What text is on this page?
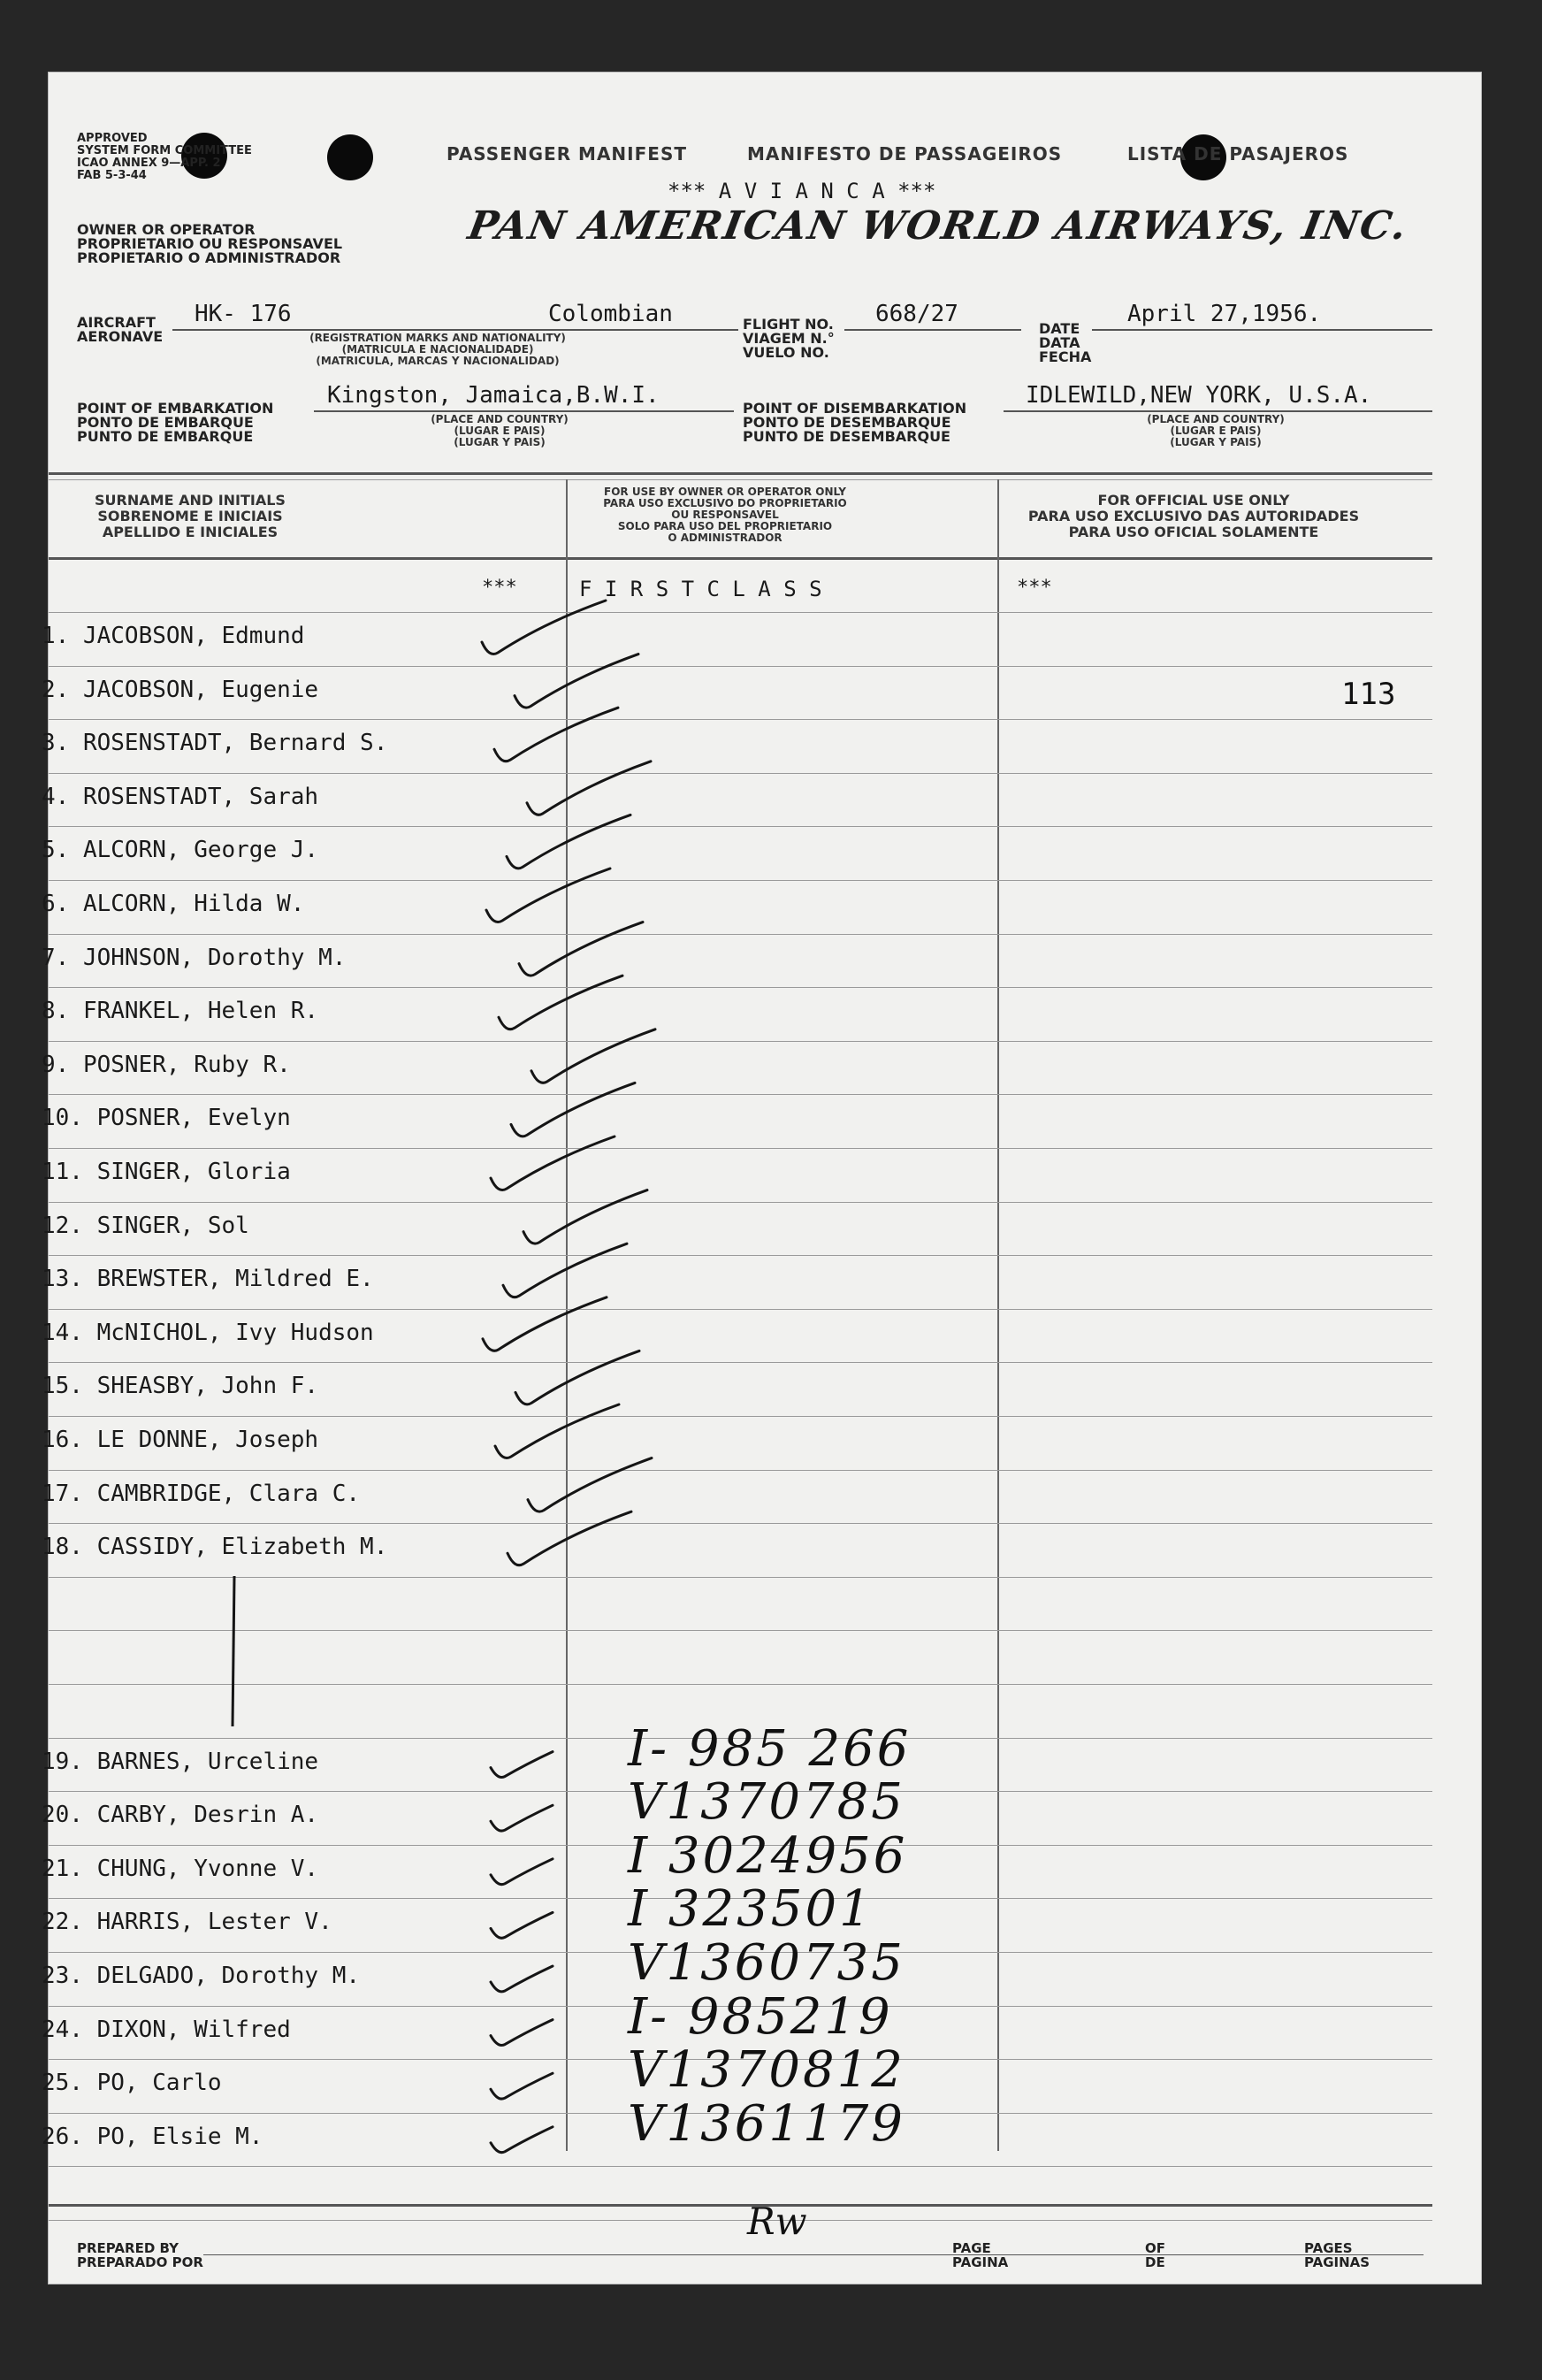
APPROVED
SYSTEM FORM COMMITTEE
ICAO ANNEX 9—APP. 2
FAB 5-3-44
OWNER OR OPERATOR
PROPRIETARIO OU RESPONSAVEL
PROPIETARIO O ADMINISTRADOR
PASSENGER MANIFEST	MANIFESTO DE PASSAGEIROS	LISTA DE PASAJEROS
*** A V I A N C A ***
PAN AMERICAN WORLD AIRWAYS, INC.
AIRCRAFT
AERONAVE
HK- 176	Colombian
(REGISTRATION MARKS AND NATIONALITY)
(MATRICULA E NACIONALIDADE)
(MATRICULA, MARCAS Y NACIONALIDAD)
FLIGHT NO.
VIAGEM N.°
VUELO NO.
668/27
DATE
DATA
FECHA
April 27,1956.
POINT OF EMBARKATION
PONTO DE EMBARQUE
PUNTO DE EMBARQUE
Kingston, Jamaica,B.W.I.
(PLACE AND COUNTRY)
(LUGAR E PAIS)
(LUGAR Y PAIS)
POINT OF DISEMBARKATION
PONTO DE DESEMBARQUE
PUNTO DE DESEMBARQUE
IDLEWILD,NEW YORK, U.S.A.
(PLACE AND COUNTRY)
(LUGAR E PAIS)
(LUGAR Y PAIS)
SURNAME AND INITIALS
SOBRENOME E INICIAIS
APELLIDO E INICIALES
FOR USE BY OWNER OR OPERATOR ONLY
PARA USO EXCLUSIVO DO PROPRIETARIO
OU RESPONSAVEL
SOLO PARA USO DEL PROPRIETARIO
O ADMINISTRADOR
FOR OFFICIAL USE ONLY
PARA USO EXCLUSIVO DAS AUTORIDADES
PARA USO OFICIAL SOLAMENTE
***	F I R S T C L A S S	***
1. JACOBSON, Edmund
2. JACOBSON, Eugenie
3. ROSENSTADT, Bernard S.
4. ROSENSTADT, Sarah
5. ALCORN, George J.
6. ALCORN, Hilda W.
7. JOHNSON, Dorothy M.
8. FRANKEL, Helen R.
9. POSNER, Ruby R.
10. POSNER, Evelyn
11. SINGER, Gloria
12. SINGER, Sol
13. BREWSTER, Mildred E.
14. McNICHOL, Ivy Hudson
15. SHEASBY, John F.
16. LE DONNE, Joseph
17. CAMBRIDGE, Clara C.
18. CASSIDY, Elizabeth M.
19. BARNES, Urceline	I- 985 266
20. CARBY, Desrin A.	V1370785
21. CHUNG, Yvonne V.	I 3024956
22. HARRIS, Lester V.	I 323501
23. DELGADO, Dorothy M.	V1360735
24. DIXON, Wilfred	I- 985219
25. PO, Carlo	V1370812
26. PO, Elsie M.	V1361179
113
PREPARED BY
PREPARADO POR
Rw
PAGE
PAGINA
OF
DE
PAGES
PAGINAS
